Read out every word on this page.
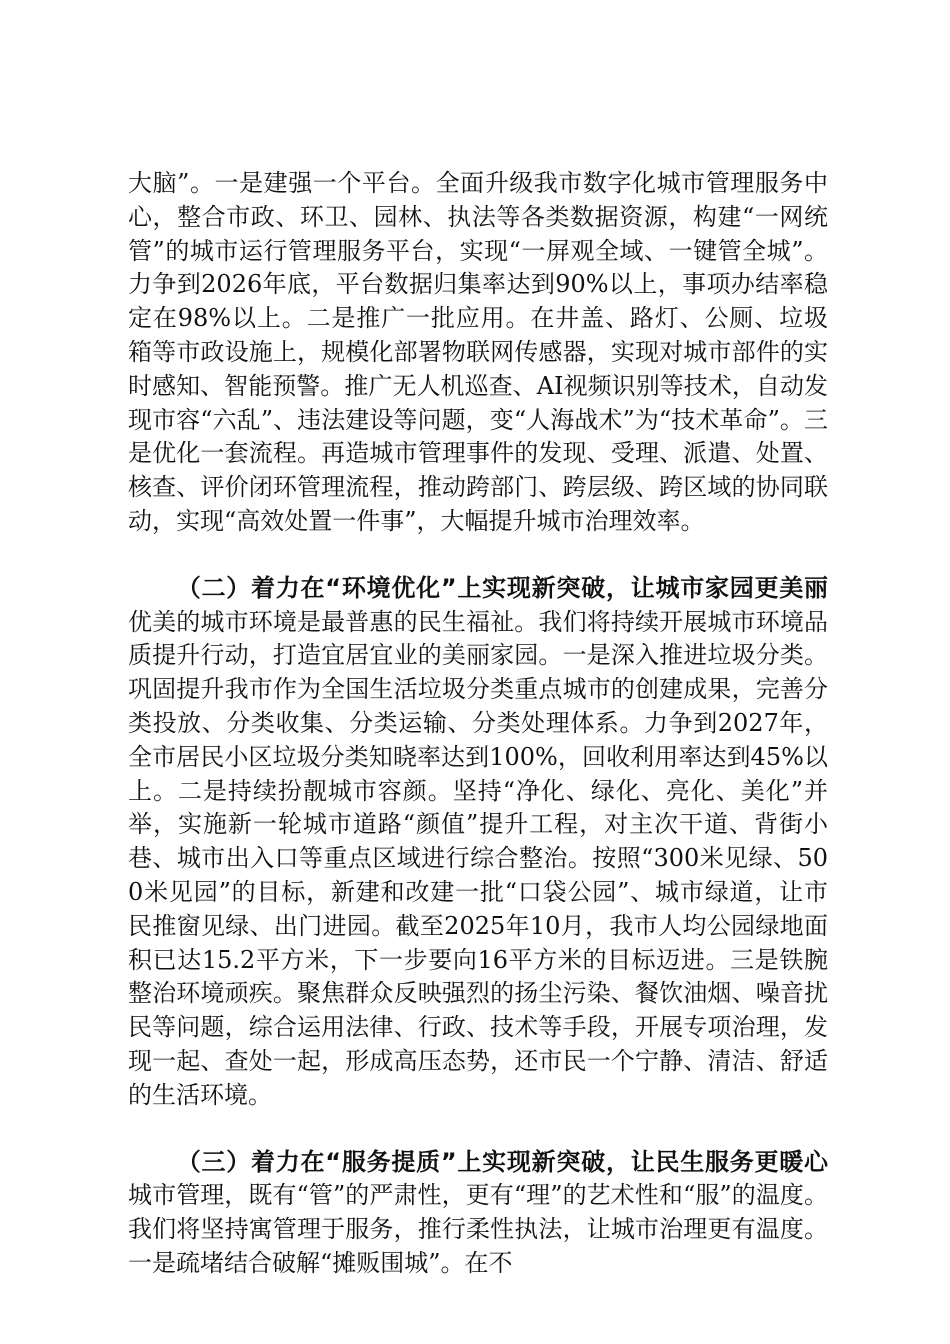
大脑”。一是建强一个平台。全面升级我市数字化城市管理服务中心，整合市政、环卫、园林、执法等各类数据资源，构建“一网统管”的城市运行管理服务平台，实现“一屏观全域、一键管全城”。力争到2026年底，平台数据归集率达到90%以上，事项办结率稳定在98%以上。二是推广一批应用。在井盖、路灯、公厕、垃圾箱等市政设施上，规模化部署物联网传感器，实现对城市部件的实时感知、智能预警。推广无人机巡查、AI视频识别等技术，自动发现市容“六乱”、违法建设等问题，变“人海战术”为“技术革命”。三是优化一套流程。再造城市管理事件的发现、受理、派遣、处置、核查、评价闭环管理流程，推动跨部门、跨层级、跨区域的协同联动，实现“高效处置一件事”，大幅提升城市治理效率。

（二）着力在“环境优化”上实现新突破，让城市家园更美丽优美的城市环境是最普惠的民生福祉。我们将持续开展城市环境品质提升行动，打造宜居宜业的美丽家园。一是深入推进垃圾分类。巩固提升我市作为全国生活垃圾分类重点城市的创建成果，完善分类投放、分类收集、分类运输、分类处理体系。力争到2027年，全市居民小区垃圾分类知晓率达到100%，回收利用率达到45%以上。二是持续扮靓城市容颜。坚持“净化、绿化、亮化、美化”并举，实施新一轮城市道路“颜值”提升工程，对主次干道、背街小巷、城市出入口等重点区域进行综合整治。按照“300米见绿、500米见园”的目标，新建和改建一批“口袋公园”、城市绿道，让市民推窗见绿、出门进园。截至2025年10月，我市人均公园绿地面积已达15.2平方米，下一步要向16平方米的目标迈进。三是铁腕整治环境顽疾。聚焦群众反映强烈的扬尘污染、餐饮油烟、噪音扰民等问题，综合运用法律、行政、技术等手段，开展专项治理，发现一起、查处一起，形成高压态势，还市民一个宁静、清洁、舒适的生活环境。

（三）着力在“服务提质”上实现新突破，让民生服务更暖心城市管理，既有“管”的严肃性，更有“理”的艺术性和“服”的温度。我们将坚持寓管理于服务，推行柔性执法，让城市治理更有温度。一是疏堵结合破解“摊贩围城”。在不
